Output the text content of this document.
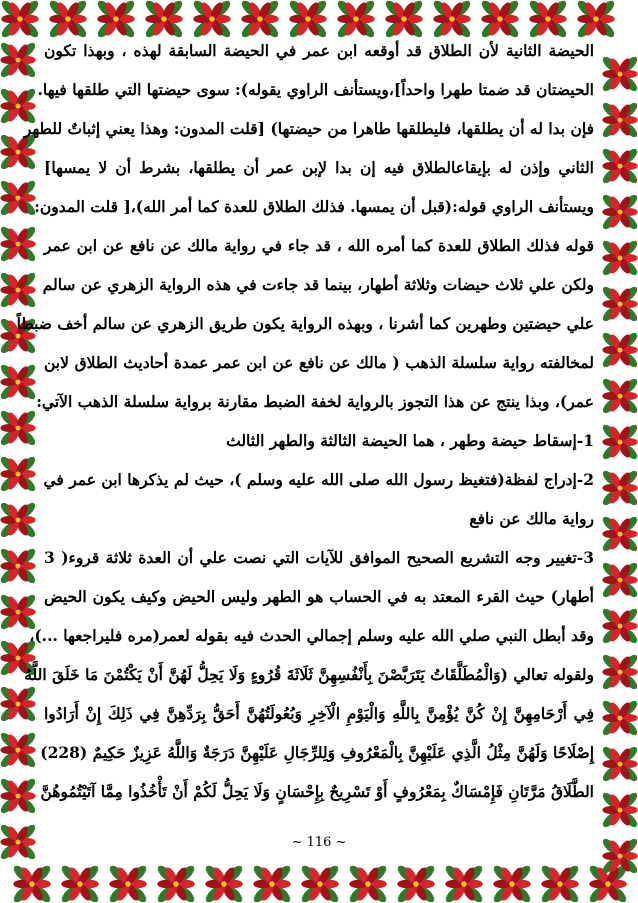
الحيضة الثانية لأن الطلاق قد أوقعه ابن عمر في الحيضة السابقة لهذه ، وبهذا تكون
الحيضتان قد ضمتا طهرا واحداً]،ويستأنف الراوي يقوله): سوى حيضتها التي طلقها فيها.
فإن بدا له أن يطلقها، فليطلقها طاهرا من حيضتها) [قلت المدون: وهذا يعني إثباتٌ للطهر
الثاني وإذن له بإيقاعالطلاق فيه إن بدا لإبن عمر أن يطلقها، بشرط أن لا يمسها]
ويستأنف الراوي قوله:(قبل أن يمسها. فذلك الطلاق للعدة كما أمر الله)،[ قلت المدون:
قوله فذلك الطلاق للعدة كما أمره الله ، قد جاء في رواية مالك عن نافع عن ابن عمر
ولكن علي ثلاث حيضات وثلاثة أطهار، بينما قد جاءت في هذه الرواية الزهري عن سالم
علي حيضتين وطهرين كما أشرنا ، وبهذه الرواية يكون طريق الزهري عن سالم أخف ضبطاً
لمخالفته رواية سلسلة الذهب ( مالك عن نافع عن ابن عمر عمدة أحاديث الطلاق لابن
عمر)، وبذا ينتج عن هذا التجوز بالرواية لخفة الضبط مقارنة برواية سلسلة الذهب الآتي:
1-إسقاط حيضة وطهر ، هما الحيضة الثالثة والطهر الثالث
2-إدراج لفظة(فتغيظ رسول الله صلى الله عليه وسلم )، حيث لم يذكرها ابن عمر في
رواية مالك عن نافع
3-تغيير وجه التشريع الصحيح الموافق للآيات التي نصت علي أن العدة ثلاثة قروء( 3
أطهار) حيث القرء المعتد به في الحساب هو الطهر وليس الحيض وكيف يكون الحيض
وقد أبطل النبي صلي الله عليه وسلم إجمالي الحدث فيه بقوله لعمر(مره فليراجعها ...)،
ولقوله تعالي (وَالْمُطَلَّقَاتُ يَتَرَبَّصْنَ بِأَنْفُسِهِنَّ ثَلَاثَةَ قُرُوءٍ وَلَا يَحِلُّ لَهُنَّ أَنْ يَكْتُمْنَ مَا خَلَقَ اللَّهُ
فِي أَرْحَامِهِنَّ إِنْ كُنَّ يُؤْمِنَّ بِاللَّهِ وَالْيَوْمِ الْآخِرِ وَبُعُولَتُهُنَّ أَحَقُّ بِرَدِّهِنَّ فِي ذَلِكَ إِنْ أَرَادُوا
إِصْلَاحًا وَلَهُنَّ مِثْلُ الَّذِي عَلَيْهِنَّ بِالْمَعْرُوفِ وَلِلرِّجَالِ عَلَيْهِنَّ دَرَجَةٌ وَاللَّهُ عَزِيزٌ حَكِيمٌ (228)
الطَّلَاقُ مَرَّتَانِ فَإِمْسَاكٌ بِمَعْرُوفٍ أَوْ تَسْرِيحٌ بِإِحْسَانٍ وَلَا يَحِلُّ لَكُمْ أَنْ تَأْخُذُوا مِمَّا آتَيْتُمُوهُنَّ
~ 116 ~
